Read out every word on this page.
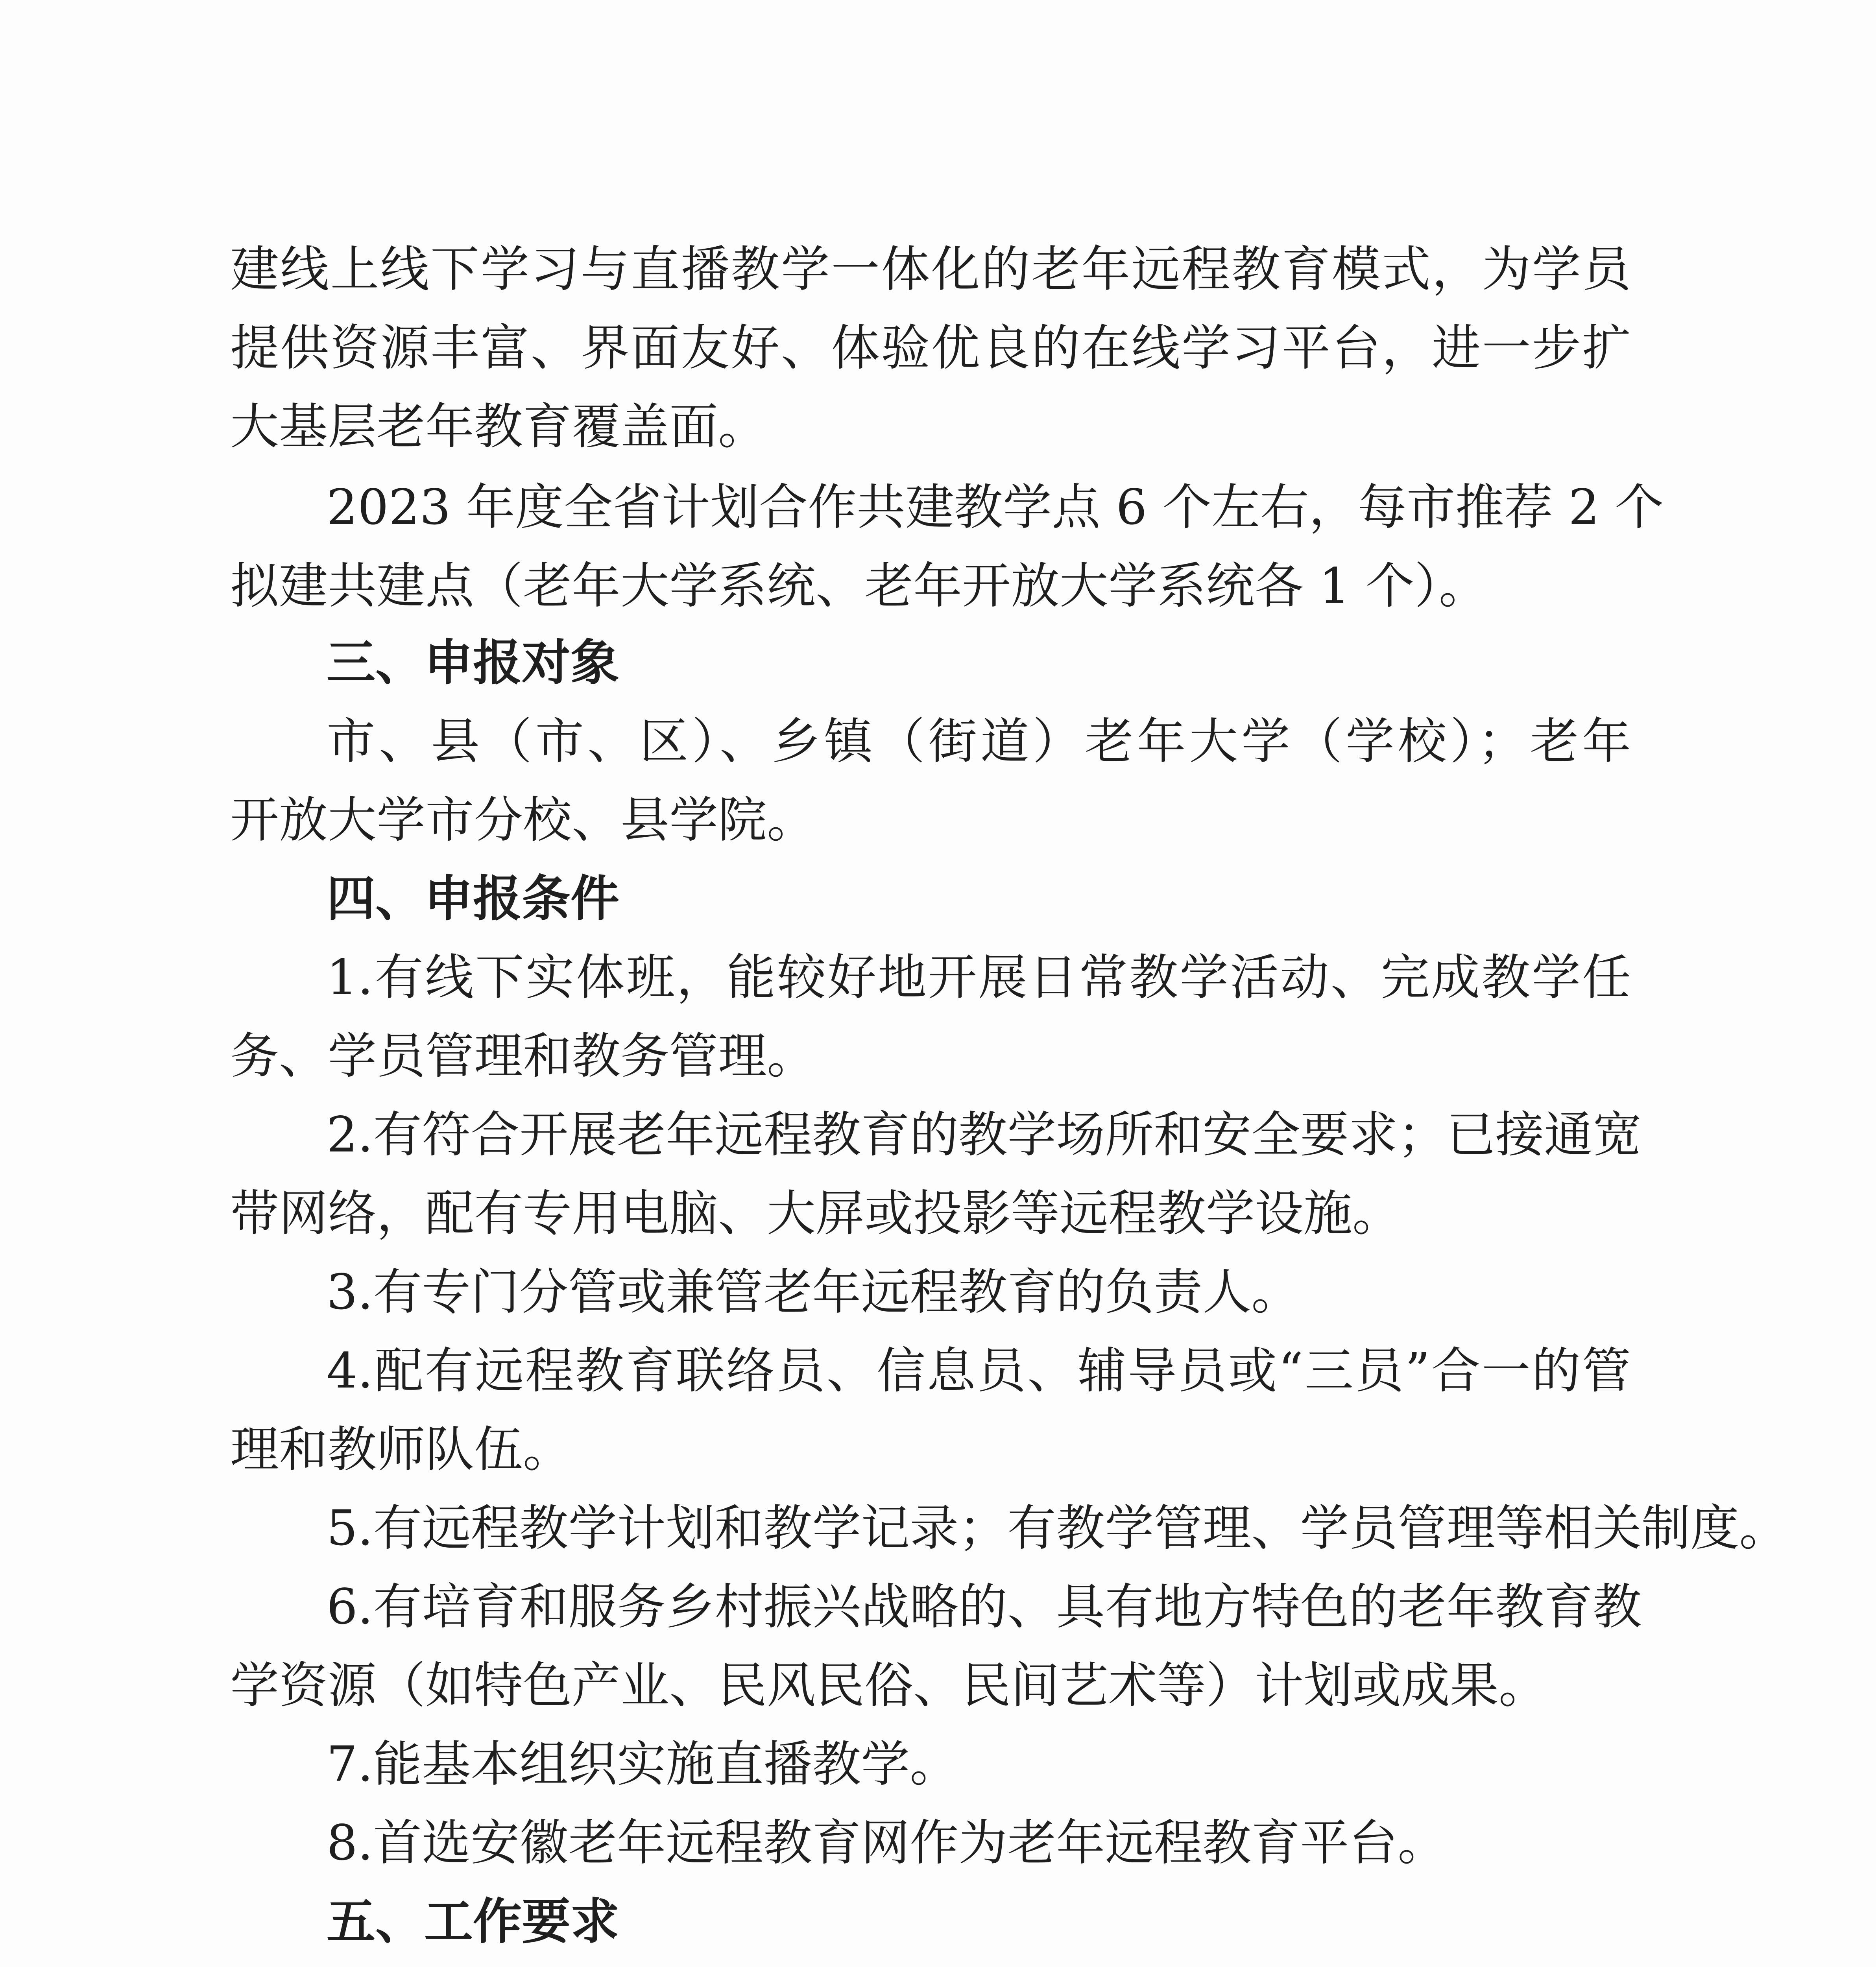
建线上线下学习与直播教学一体化的老年远程教育模式，为学员
提供资源丰富、界面友好、体验优良的在线学习平台，进一步扩
大基层老年教育覆盖面。
2023 年度全省计划合作共建教学点 6 个左右，每市推荐 2 个
拟建共建点（老年大学系统、老年开放大学系统各 1 个）。
三、申报对象
市、县（市、区）、乡镇（街道）老年大学（学校）；老年
开放大学市分校、县学院。
四、申报条件
1.有线下实体班，能较好地开展日常教学活动、完成教学任
务、学员管理和教务管理。
2.有符合开展老年远程教育的教学场所和安全要求；已接通宽
带网络，配有专用电脑、大屏或投影等远程教学设施。
3.有专门分管或兼管老年远程教育的负责人。
4.配有远程教育联络员、信息员、辅导员或“三员”合一的管
理和教师队伍。
5.有远程教学计划和教学记录；有教学管理、学员管理等相关制度。
6.有培育和服务乡村振兴战略的、具有地方特色的老年教育教
学资源（如特色产业、民风民俗、民间艺术等）计划或成果。
7.能基本组织实施直播教学。
8.首选安徽老年远程教育网作为老年远程教育平台。
五、工作要求
